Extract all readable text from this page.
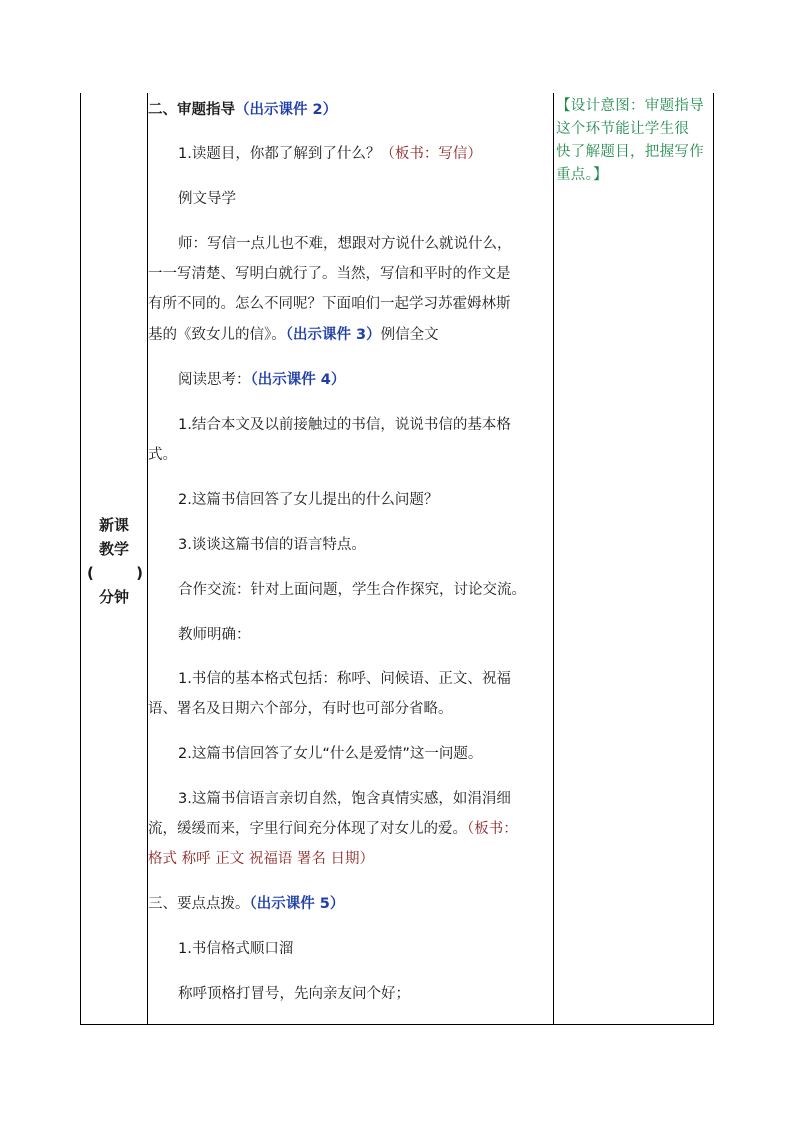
新课
教学
(	)
分钟
二、审题指导（出示课件 2）
1.读题目，你都了解到了什么？（板书：写信）
例文导学
师：写信一点儿也不难，想跟对方说什么就说什么，
一一写清楚、写明白就行了。当然，写信和平时的作文是
有所不同的。怎么不同呢？下面咱们一起学习苏霍姆林斯
基的《致女儿的信》。（出示课件 3）例信全文
阅读思考：（出示课件 4）
1.结合本文及以前接触过的书信，说说书信的基本格
式。
2.这篇书信回答了女儿提出的什么问题？
3.谈谈这篇书信的语言特点。
合作交流：针对上面问题，学生合作探究，讨论交流。
教师明确：
1.书信的基本格式包括：称呼、问候语、正文、祝福
语、署名及日期六个部分，有时也可部分省略。
2.这篇书信回答了女儿“什么是爱情”这一问题。
3.这篇书信语言亲切自然，饱含真情实感，如涓涓细
流，缓缓而来，字里行间充分体现了对女儿的爱。（板书：
格式 称呼 正文 祝福语 署名 日期）
三、要点点拨。（出示课件 5）
1.书信格式顺口溜
称呼顶格打冒号，先向亲友问个好；
【设计意图：审题指导
这个环节能让学生很
快了解题目，把握写作
重点。】
